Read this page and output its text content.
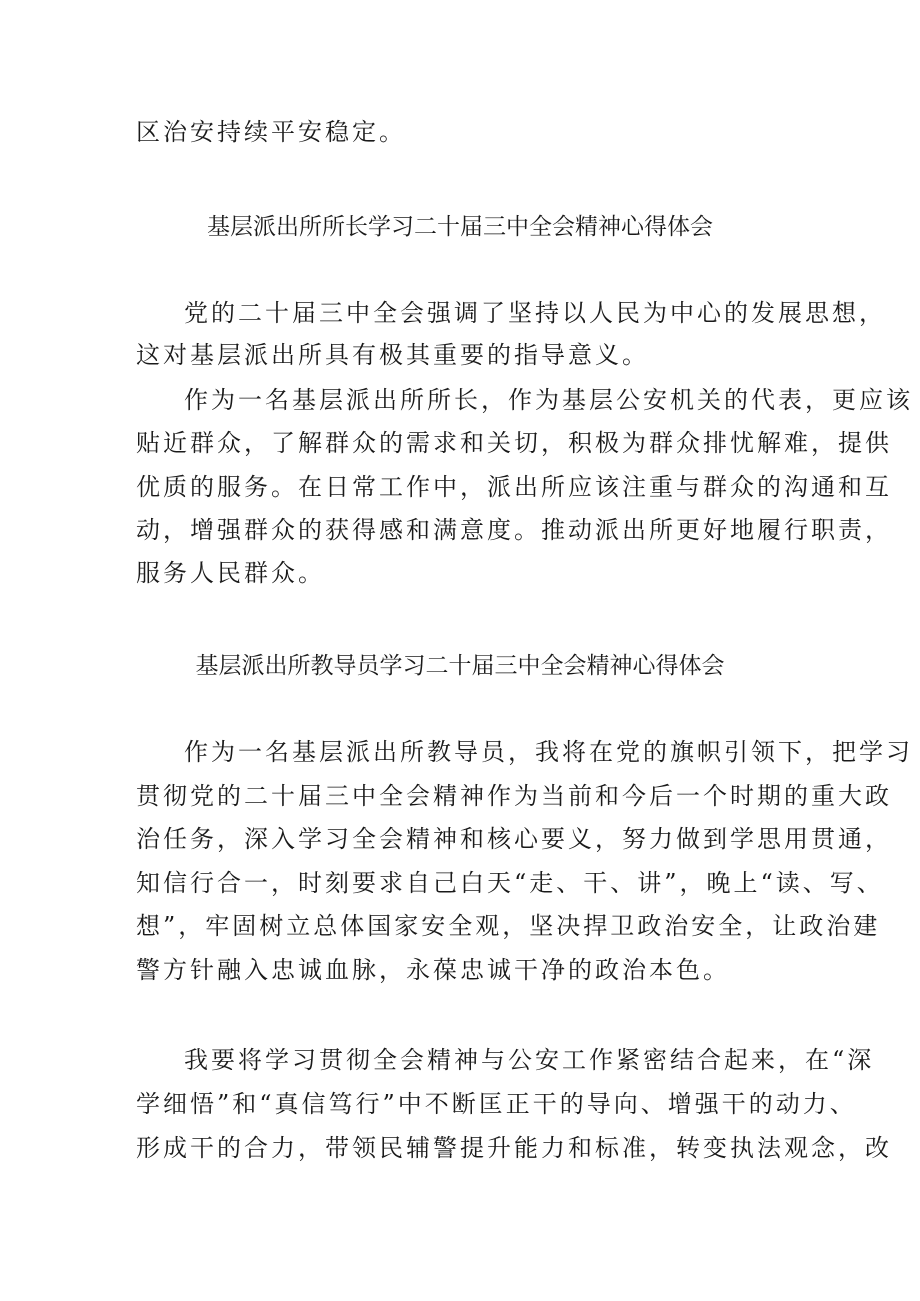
区治安持续平安稳定。
基层派出所所长学习二十届三中全会精神心得体会
党的二十届三中全会强调了坚持以人民为中心的发展思想，
这对基层派出所具有极其重要的指导意义。
作为一名基层派出所所长，作为基层公安机关的代表，更应该
贴近群众，了解群众的需求和关切，积极为群众排忧解难，提供
优质的服务。在日常工作中，派出所应该注重与群众的沟通和互
动，增强群众的获得感和满意度。推动派出所更好地履行职责，
服务人民群众。
基层派出所教导员学习二十届三中全会精神心得体会
作为一名基层派出所教导员，我将在党的旗帜引领下，把学习
贯彻党的二十届三中全会精神作为当前和今后一个时期的重大政
治任务，深入学习全会精神和核心要义，努力做到学思用贯通，
知信行合一，时刻要求自己白天“走、干、讲”，晚上“读、写、
想”，牢固树立总体国家安全观，坚决捍卫政治安全，让政治建
警方针融入忠诚血脉，永葆忠诚干净的政治本色。
我要将学习贯彻全会精神与公安工作紧密结合起来，在“深
学细悟”和“真信笃行”中不断匡正干的导向、增强干的动力、
形成干的合力，带领民辅警提升能力和标准，转变执法观念，改
